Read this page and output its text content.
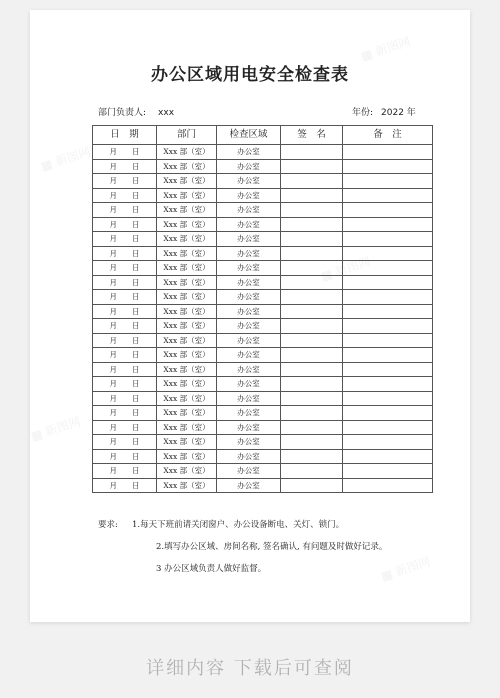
办公区域用电安全检查表
部门负责人: xxx	年份: 2022 年
日　期	部门	检查区域	签　名	备　注
月　　日	Xxx 部（室）	办公室		
月　　日	Xxx 部（室）	办公室		
月　　日	Xxx 部（室）	办公室		
月　　日	Xxx 部（室）	办公室		
月　　日	Xxx 部（室）	办公室		
月　　日	Xxx 部（室）	办公室		
月　　日	Xxx 部（室）	办公室		
月　　日	Xxx 部（室）	办公室		
月　　日	Xxx 部（室）	办公室		
月　　日	Xxx 部（室）	办公室		
月　　日	Xxx 部（室）	办公室		
月　　日	Xxx 部（室）	办公室		
月　　日	Xxx 部（室）	办公室		
月　　日	Xxx 部（室）	办公室		
月　　日	Xxx 部（室）	办公室		
月　　日	Xxx 部（室）	办公室		
月　　日	Xxx 部（室）	办公室		
月　　日	Xxx 部（室）	办公室		
月　　日	Xxx 部（室）	办公室		
月　　日	Xxx 部（室）	办公室		
月　　日	Xxx 部（室）	办公室		
月　　日	Xxx 部（室）	办公室		
月　　日	Xxx 部（室）	办公室		
月　　日	Xxx 部（室）	办公室		
要求: 1.每天下班前请关闭窗户、办公设备断电、关灯、锁门。
2.填写办公区域、房间名称, 签名确认, 有问题及时做好记录。
3 办公区域负责人做好监督。
详细内容 下载后可查阅
